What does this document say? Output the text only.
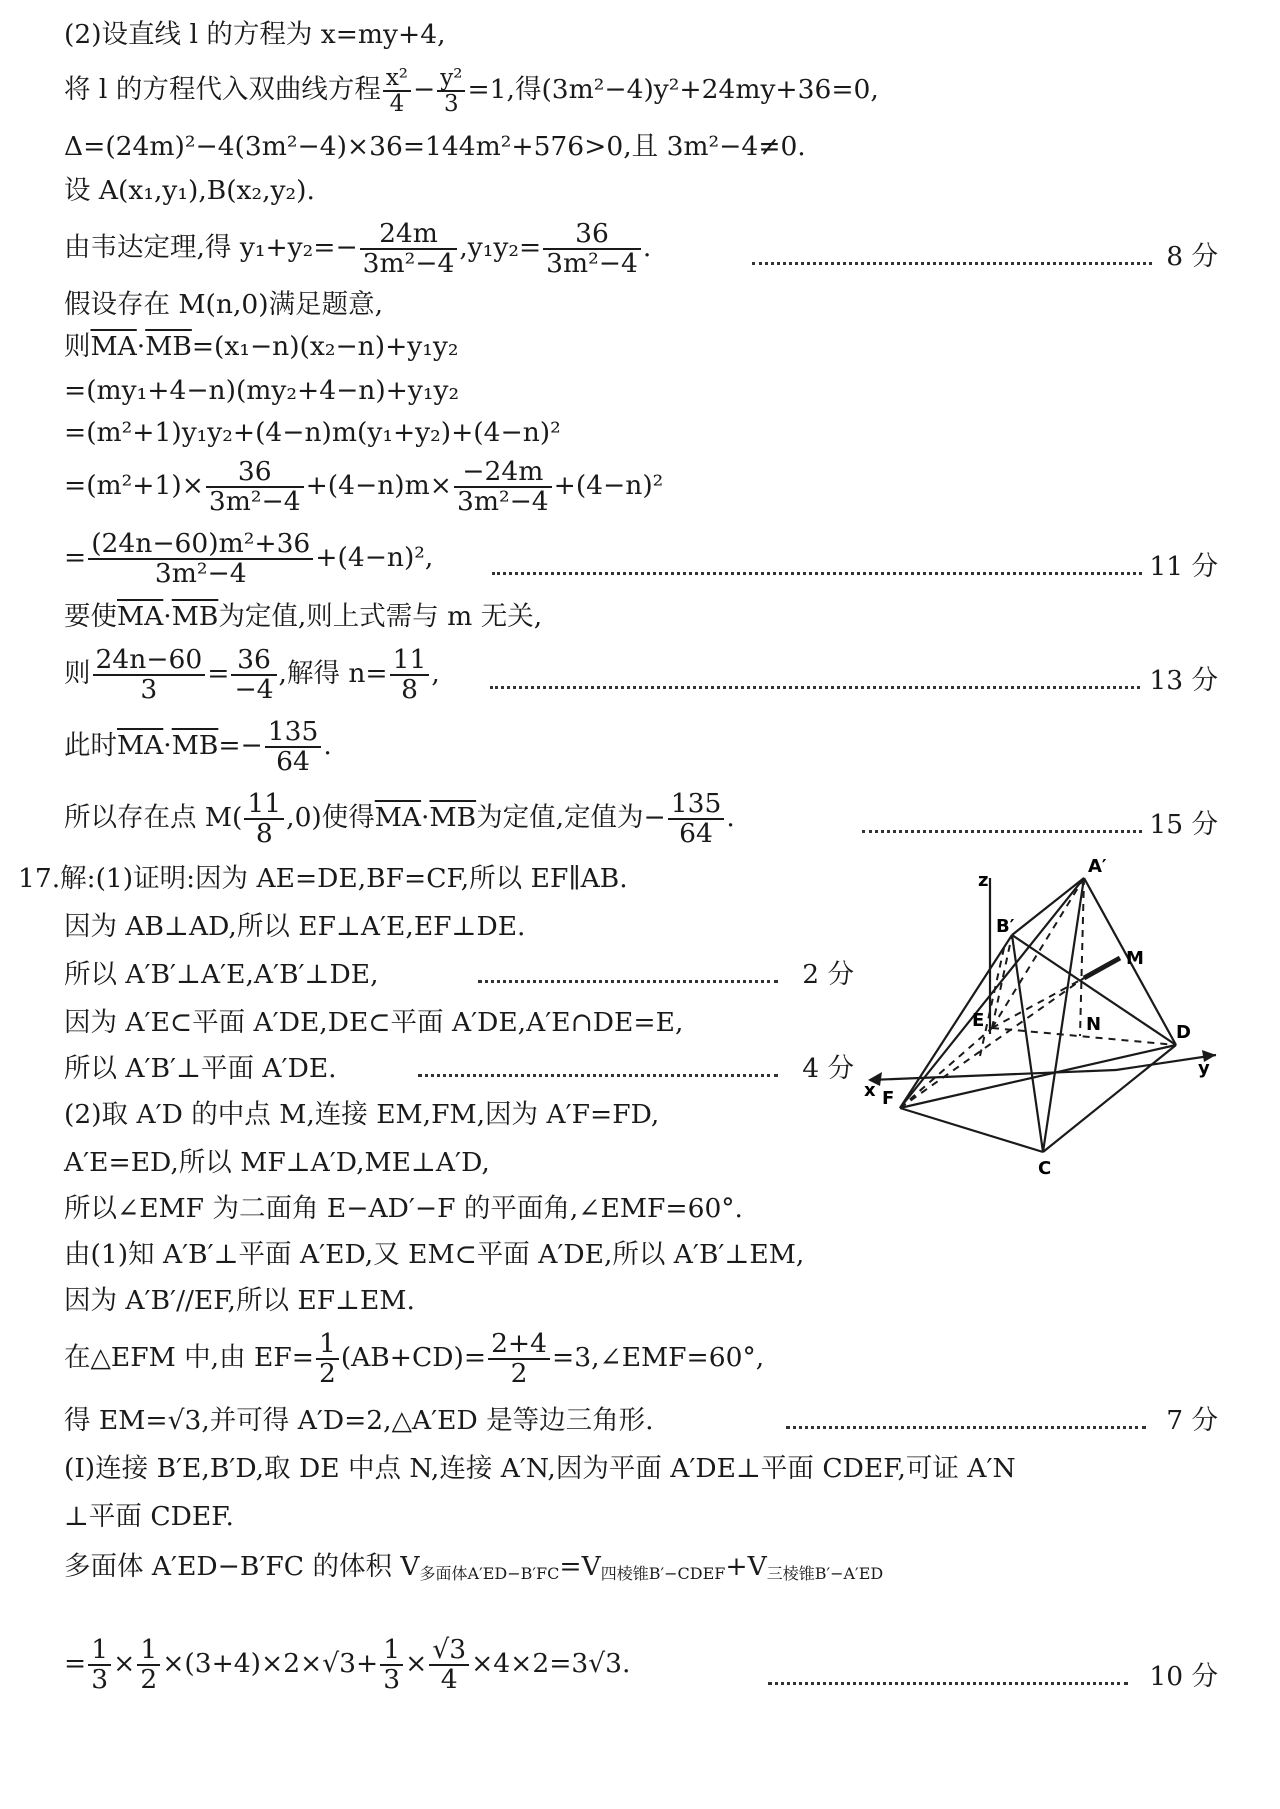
(2)设直线 l 的方程为 x=my+4,
将 l 的方程代入双曲线方程 $\frac{\text{x²}}{4} - \frac{\text{y²}}{3} =1$,得(3m²−4)y²+24my+36=0,
Δ=(24m)²−4(3m²−4)×36=144m²+576>0,且 3m²−4≠0.
设 A(x₁,y₁),B(x₂,y₂).
由韦达定理,得 $y_1+y_2=- \frac{24m}{\text{3m²−4}} ,y_1y_2= \frac{36}{\text{3m²−4}}$ .	8 分
假设存在 M(n,0)满足题意,
则$\overline{MA}\cdot\overline{MB}=(x_1-n)(x_2-n)+y_1y_2$
=(my₁+4−n)(my₂+4−n)+y₁y₂
=(m²+1)y₁y₂+(4−n)m(y₁+y₂)+(4−n)²
$=(m^2+1)\times \frac{36}{\text{3m²−4}} +(4-n)m\times \frac{-24m}{\text{3m²−4}} +(4-n)^2$
= $\frac{\text{(24n−60)m²+36}}{\text{3m²−4}} +(4-n)^2$,	11 分
要使$\overline{MA}\cdot\overline{MB}$为定值,则上式需与 m 无关,
则 $\frac{24n-60}{3} = \frac{36}{-4}$ ,解得 $n= \frac{11}{8}$ ,	13 分
此时$\overline{MA}\cdot\overline{MB}=- \frac{135}{64}$ .
所以存在点 $M( \frac{11}{8} ,0)$使得$\overline{MA}\cdot\overline{MB}$为定值,定值为− $\frac{135}{64}$ .	15 分
17.解:(1)证明:因为 AE=DE,BF=CF,所以 EF∥AB.
因为 AB⊥AD,所以 EF⊥A′E,EF⊥DE.
所以 A′B′⊥A′E,A′B′⊥DE,	2 分
因为 A′E⊂平面 A′DE,DE⊂平面 A′DE,A′E∩DE=E,
所以 A′B′⊥平面 A′DE.	4 分
(2)取 A′D 的中点 M,连接 EM,FM,因为 A′F=FD,
A′E=ED,所以 MF⊥A′D,ME⊥A′D,
所以∠EMF 为二面角 E−AD′−F 的平面角,∠EMF=60°.
由(1)知 A′B′⊥平面 A′ED,又 EM⊂平面 A′DE,所以 A′B′⊥EM,
因为 A′B′//EF,所以 EF⊥EM.
在△EFM 中,由 $EF= \frac{1}{2} (AB+CD)= \frac{2+4}{2}$ =3,∠EMF=60°,
得 EM=√3,并可得 A′D=2,△A′ED 是等边三角形.	7 分
(Ⅰ)连接 B′E,B′D,取 DE 中点 N,连接 A′N,因为平面 A′DE⊥平面 CDEF,可证 A′N
⊥平面 CDEF.
多面体 A′ED−B′FC 的体积 $V_{多面体A'ED-B'FC}=V_{四棱锥B'-CDEF}+V_{三棱锥B'-A'ED}$
= $\frac{1}{3} \times \frac{1}{2} \times(3+4)\times 2\times√3+ \frac{1}{3} \times \frac{√3}{4} \times 4\times 2=3√3$.	10 分
z
A′
B′
M
E	N	D
y
F
x
C
